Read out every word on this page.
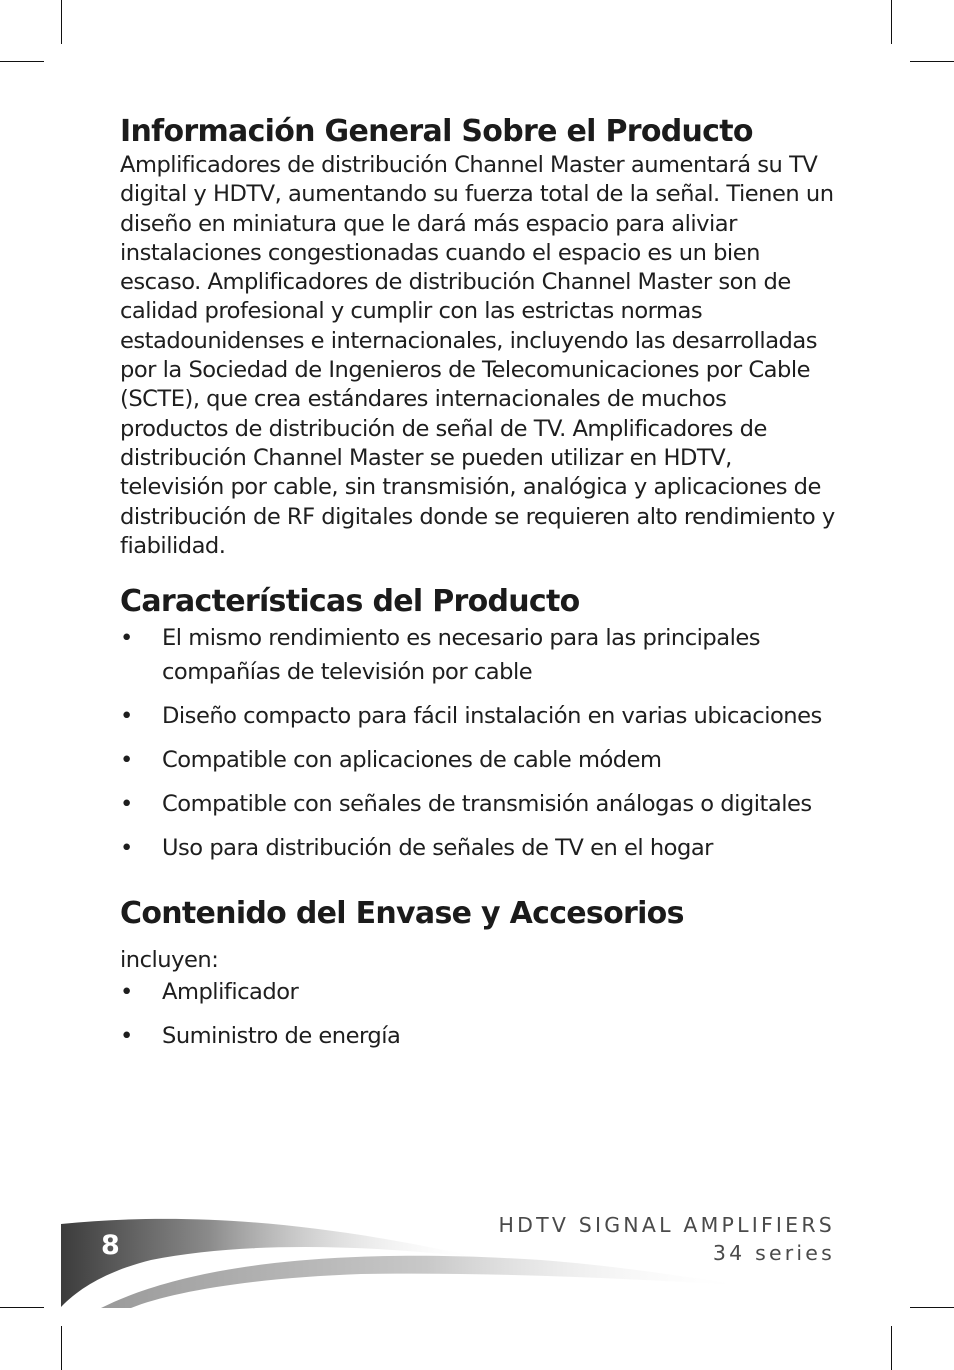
Información General Sobre el Producto

Amplificadores de distribución Channel Master aumentará su TV digital y HDTV, aumentando su fuerza total de la señal. Tienen un diseño en miniatura que le dará más espacio para aliviar instalaciones congestionadas cuando el espacio es un bien escaso. Amplificadores de distribución Channel Master son de calidad profesional y cumplir con las estrictas normas estadounidenses e internacionales, incluyendo las desarrolladas por la Sociedad de Ingenieros de Telecomunicaciones por Cable (SCTE), que crea estándares internacionales de muchos productos de distribución de señal de TV. Amplificadores de distribución Channel Master se pueden utilizar en HDTV, televisión por cable, sin transmisión, analógica y aplicaciones de distribución de RF digitales donde se requieren alto rendimiento y fiabilidad.

Características del Producto
•	El mismo rendimiento es necesario para las principales compañías de televisión por cable
•	Diseño compacto para fácil instalación en varias ubicaciones
•	Compatible con aplicaciones de cable módem
•	Compatible con señales de transmisión análogas o digitales
•	Uso para distribución de señales de TV en el hogar
Contenido del Envase y Accesorios
incluyen:
•	Amplificador
•	Suministro de energía
8
HDTV SIGNAL AMPLIFIERS
34 series
